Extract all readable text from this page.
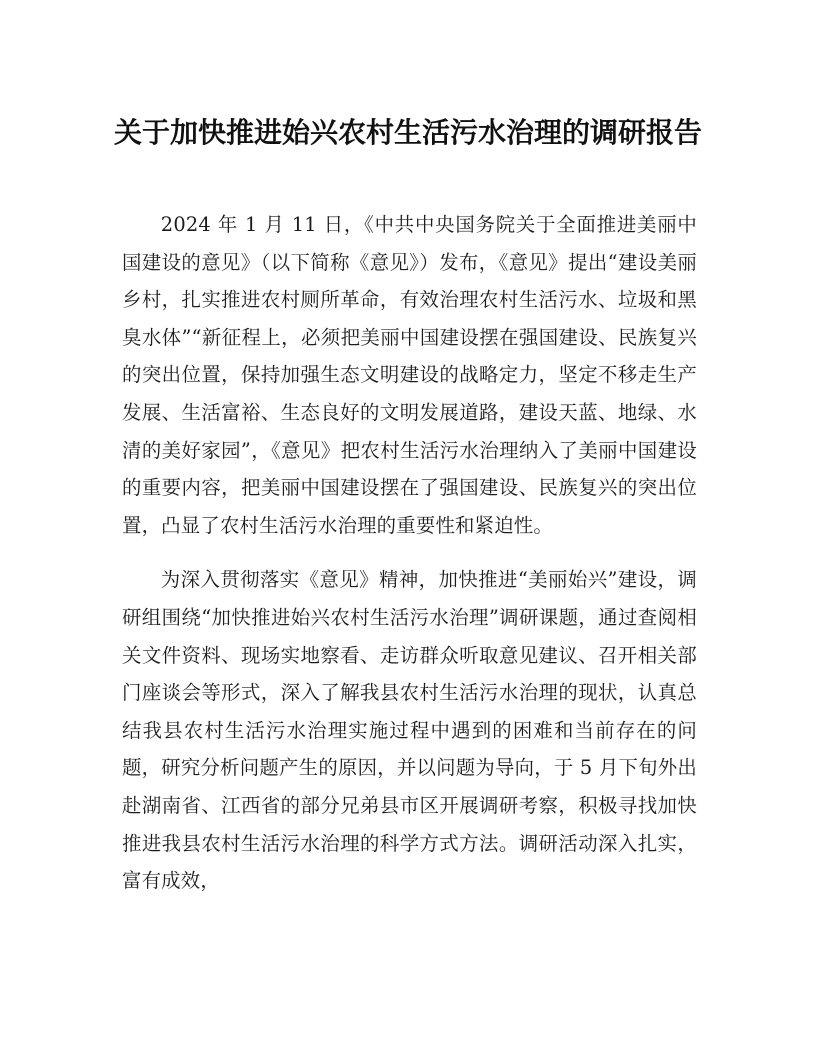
关于加快推进始兴农村生活污水治理的调研报告

2024 年 1 月 11 日，《中共中央国务院关于全面推进美丽中国建设的意见》（以下简称《意见》）发布，《意见》提出“建设美丽乡村，扎实推进农村厕所革命，有效治理农村生活污水、垃圾和黑臭水体”“新征程上，必须把美丽中国建设摆在强国建设、民族复兴的突出位置，保持加强生态文明建设的战略定力，坚定不移走生产发展、生活富裕、生态良好的文明发展道路，建设天蓝、地绿、水清的美好家园”，《意见》把农村生活污水治理纳入了美丽中国建设的重要内容，把美丽中国建设摆在了强国建设、民族复兴的突出位置，凸显了农村生活污水治理的重要性和紧迫性。

为深入贯彻落实《意见》精神，加快推进“美丽始兴”建设，调研组围绕“加快推进始兴农村生活污水治理”调研课题，通过查阅相关文件资料、现场实地察看、走访群众听取意见建议、召开相关部门座谈会等形式，深入了解我县农村生活污水治理的现状，认真总结我县农村生活污水治理实施过程中遇到的困难和当前存在的问题，研究分析问题产生的原因，并以问题为导向，于 5 月下旬外出赴湖南省、江西省的部分兄弟县市区开展调研考察，积极寻找加快推进我县农村生活污水治理的科学方式方法。调研活动深入扎实，富有成效，
